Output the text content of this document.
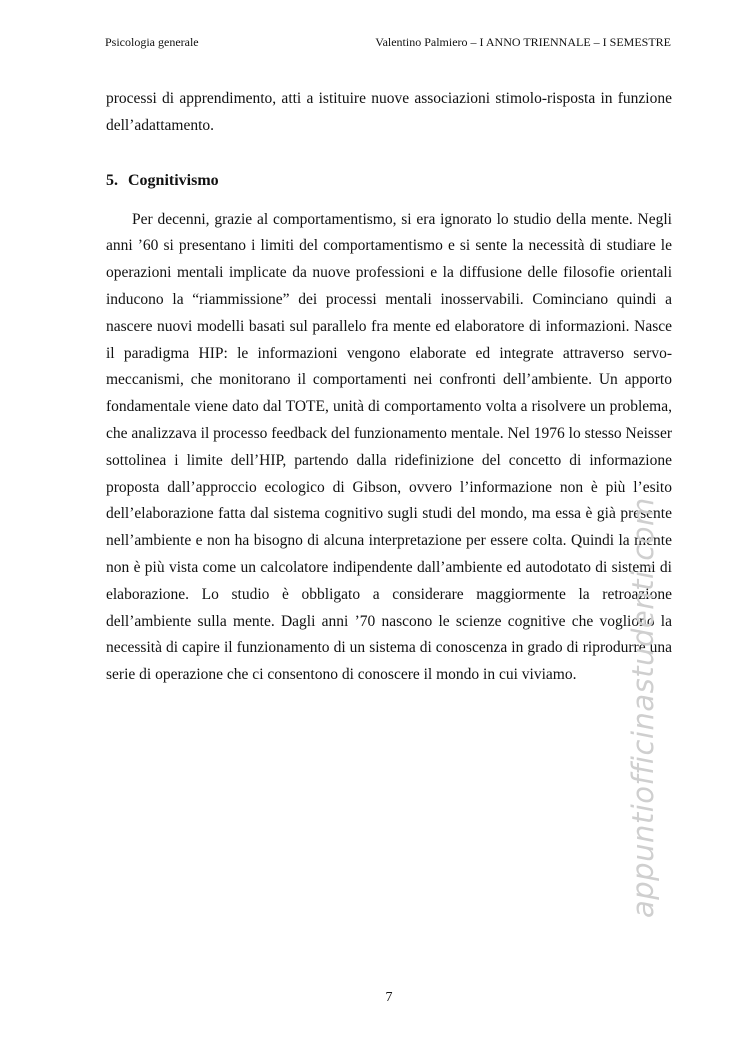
Psicologia generale	Valentino Palmiero – I ANNO TRIENNALE – I SEMESTRE

processi di apprendimento, atti a istituire nuove associazioni stimolo-risposta in funzione dell’adattamento.

5. Cognitivismo

Per decenni, grazie al comportamentismo, si era ignorato lo studio della mente. Negli anni ’60 si presentano i limiti del comportamentismo e si sente la necessità di studiare le operazioni mentali implicate da nuove professioni e la diffusione delle filosofie orientali inducono la “riammissione” dei processi mentali inosservabili. Cominciano quindi a nascere nuovi modelli basati sul parallelo fra mente ed elaboratore di informazioni. Nasce il paradigma HIP: le informazioni vengono elaborate ed integrate attraverso servo-meccanismi, che monitorano il comportamenti nei confronti dell’ambiente. Un apporto fondamentale viene dato dal TOTE, unità di comportamento volta a risolvere un problema, che analizzava il processo feedback del funzionamento mentale. Nel 1976 lo stesso Neisser sottolinea i limite dell’HIP, partendo dalla ridefinizione del concetto di informazione proposta dall’approccio ecologico di Gibson, ovvero l’informazione non è più l’esito dell’elaborazione fatta dal sistema cognitivo sugli studi del mondo, ma essa è già presente nell’ambiente e non ha bisogno di alcuna interpretazione per essere colta. Quindi la mente non è più vista come un calcolatore indipendente dall’ambiente ed autodotato di sistemi di elaborazione. Lo studio è obbligato a considerare maggiormente la retroazione dell’ambiente sulla mente. Dagli anni ’70 nascono le scienze cognitive che vogliono la necessità di capire il funzionamento di un sistema di conoscenza in grado di riprodurre una serie di operazione che ci consentono di conoscere il mondo in cui viviamo.	appuntiofficinastudenti.com
7
